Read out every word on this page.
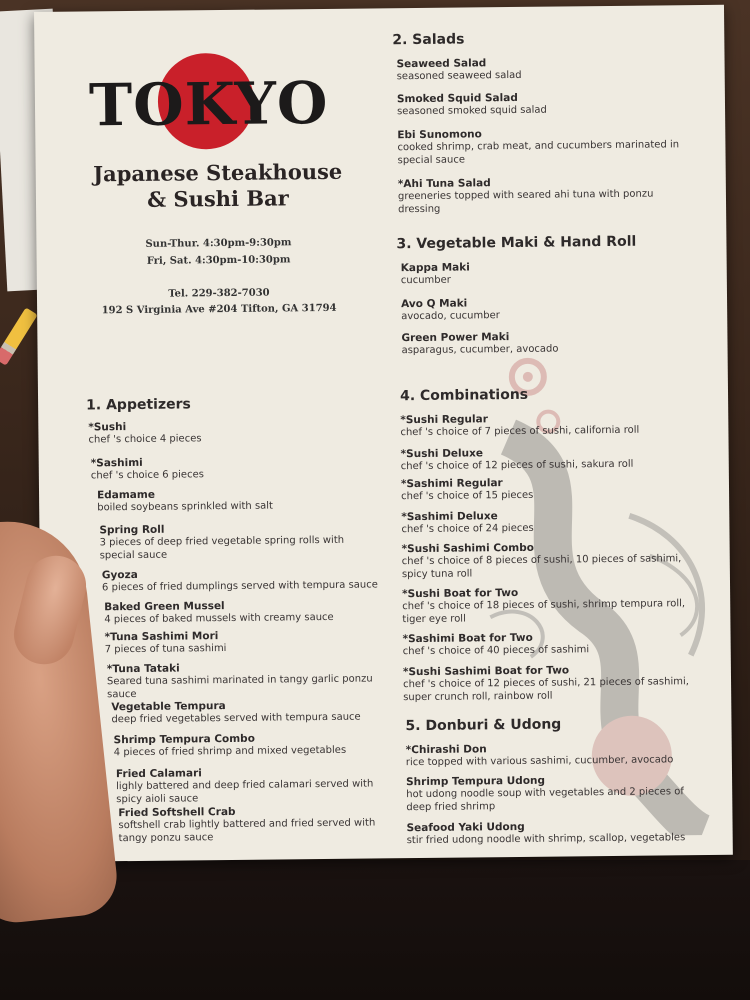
TOKYO
Japanese Steakhouse
& Sushi Bar
Sun-Thur. 4:30pm-9:30pm
Fri, Sat. 4:30pm-10:30pm
Tel. 229-382-7030
192 S Virginia Ave #204 Tifton, GA 31794
1. Appetizers
*Sushi
chef 's choice 4 pieces
*Sashimi
chef 's choice 6 pieces
Edamame
boiled soybeans sprinkled with salt
Spring Roll
3 pieces of deep fried vegetable spring rolls with special sauce
Gyoza
6 pieces of fried dumplings served with tempura sauce
Baked Green Mussel
4 pieces of baked mussels with creamy sauce
*Tuna Sashimi Mori
7 pieces of tuna sashimi
*Tuna Tataki
Seared tuna sashimi marinated in tangy garlic ponzu sauce
Vegetable Tempura
deep fried vegetables served with tempura sauce
Shrimp Tempura Combo
4 pieces of fried shrimp and mixed vegetables
Fried Calamari
lighly battered and deep fried calamari served with spicy aioli sauce
Fried Softshell Crab
softshell crab lightly battered and fried served with tangy ponzu sauce
2. Salads
Seaweed Salad
seasoned seaweed salad
Smoked Squid Salad
seasoned smoked squid salad
Ebi Sunomono
cooked shrimp, crab meat, and cucumbers marinated in special sauce
*Ahi Tuna Salad
greeneries topped with seared ahi tuna with ponzu dressing
3. Vegetable Maki & Hand Roll
Kappa Maki
cucumber
Avo Q Maki
avocado, cucumber
Green Power Maki
asparagus, cucumber, avocado
4. Combinations
*Sushi Regular
chef 's choice of 7 pieces of sushi, california roll
*Sushi Deluxe
chef 's choice of 12 pieces of sushi, sakura roll
*Sashimi Regular
chef 's choice of 15 pieces
*Sashimi Deluxe
chef 's choice of 24 pieces
*Sushi Sashimi Combo
chef 's choice of 8 pieces of sushi, 10 pieces of sashimi, spicy tuna roll
*Sushi Boat for Two
chef 's choice of 18 pieces of sushi, shrimp tempura roll, tiger eye roll
*Sashimi Boat for Two
chef 's choice of 40 pieces of sashimi
*Sushi Sashimi Boat for Two
chef 's choice of 12 pieces of sushi, 21 pieces of sashimi, super crunch roll, rainbow roll
5. Donburi & Udong
*Chirashi Don
rice topped with various sashimi, cucumber, avocado
Shrimp Tempura Udong
hot udong noodle soup with vegetables and 2 pieces of deep fried shrimp
Seafood Yaki Udong
stir fried udong noodle with shrimp, scallop, vegetables
